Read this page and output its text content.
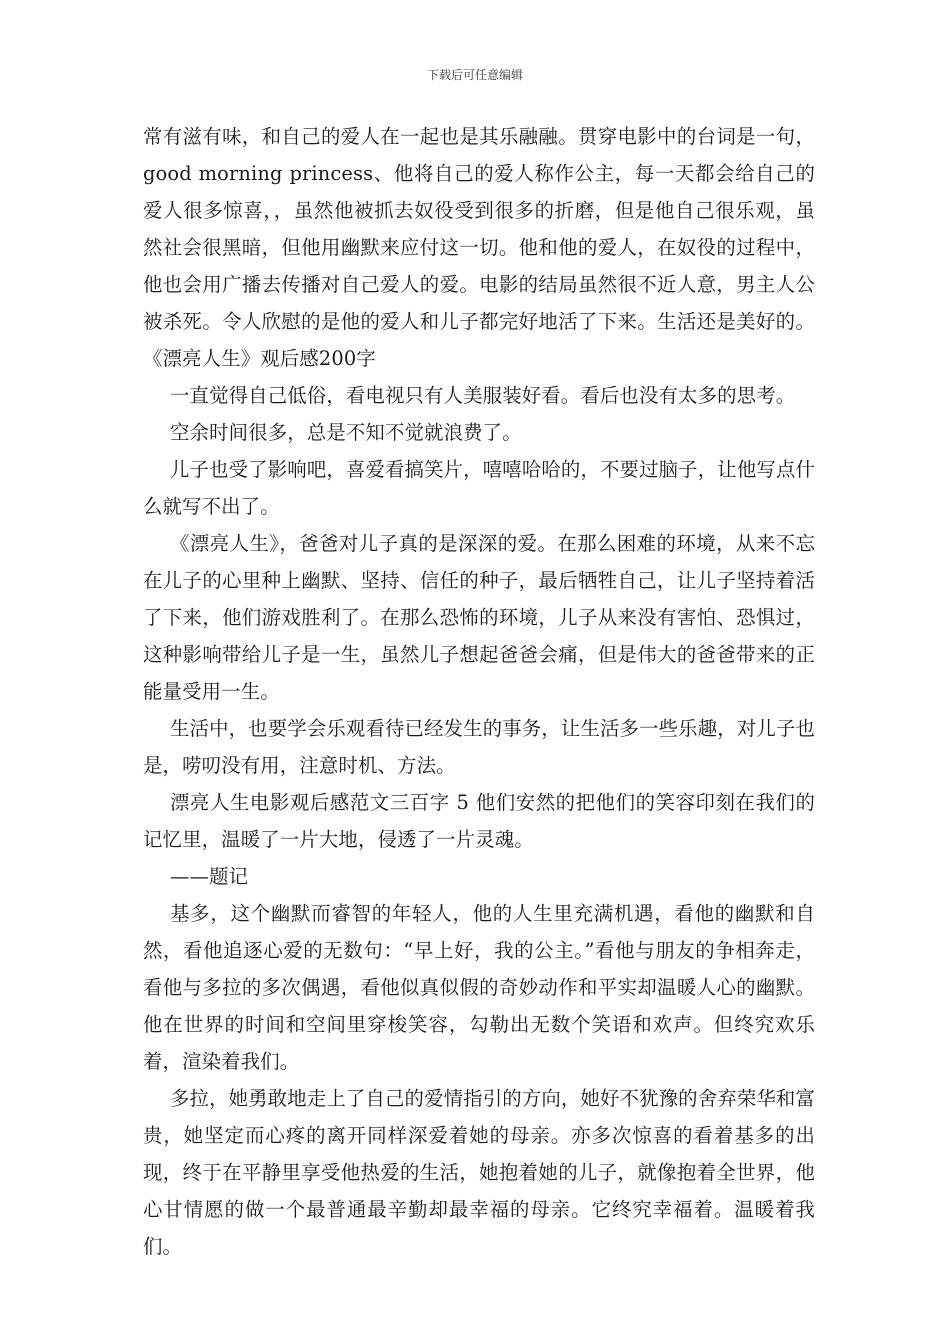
下载后可任意编辑

常有滋有味，和自己的爱人在一起也是其乐融融。贯穿电影中的台词是一句，good morning princess、他将自己的爱人称作公主，每一天都会给自己的爱人很多惊喜，，虽然他被抓去奴役受到很多的折磨，但是他自己很乐观，虽然社会很黑暗，但他用幽默来应付这一切。他和他的爱人，在奴役的过程中，他也会用广播去传播对自己爱人的爱。电影的结局虽然很不近人意，男主人公被杀死。令人欣慰的是他的爱人和儿子都完好地活了下来。生活还是美好的。《漂亮人生》观后感200字

一直觉得自己低俗，看电视只有人美服装好看。看后也没有太多的思考。

空余时间很多，总是不知不觉就浪费了。

儿子也受了影响吧，喜爱看搞笑片，嘻嘻哈哈的，不要过脑子，让他写点什么就写不出了。

《漂亮人生》，爸爸对儿子真的是深深的爱。在那么困难的环境，从来不忘在儿子的心里种上幽默、坚持、信任的种子，最后牺牲自己，让儿子坚持着活了下来，他们游戏胜利了。在那么恐怖的环境，儿子从来没有害怕、恐惧过，这种影响带给儿子是一生，虽然儿子想起爸爸会痛，但是伟大的爸爸带来的正能量受用一生。

生活中，也要学会乐观看待已经发生的事务，让生活多一些乐趣，对儿子也是，唠叨没有用，注意时机、方法。

漂亮人生电影观后感范文三百字 5 他们安然的把他们的笑容印刻在我们的记忆里，温暖了一片大地，侵透了一片灵魂。

——题记

基多，这个幽默而睿智的年轻人，他的人生里充满机遇，看他的幽默和自然，看他追逐心爱的无数句：“早上好，我的公主。”看他与朋友的争相奔走，看他与多拉的多次偶遇，看他似真似假的奇妙动作和平实却温暖人心的幽默。他在世界的时间和空间里穿梭笑容，勾勒出无数个笑语和欢声。但终究欢乐着，渲染着我们。

多拉，她勇敢地走上了自己的爱情指引的方向，她好不犹豫的舍弃荣华和富贵，她坚定而心疼的离开同样深爱着她的母亲。亦多次惊喜的看着基多的出现，终于在平静里享受他热爱的生活，她抱着她的儿子，就像抱着全世界，他心甘情愿的做一个最普通最辛勤却最幸福的母亲。它终究幸福着。温暖着我们。
